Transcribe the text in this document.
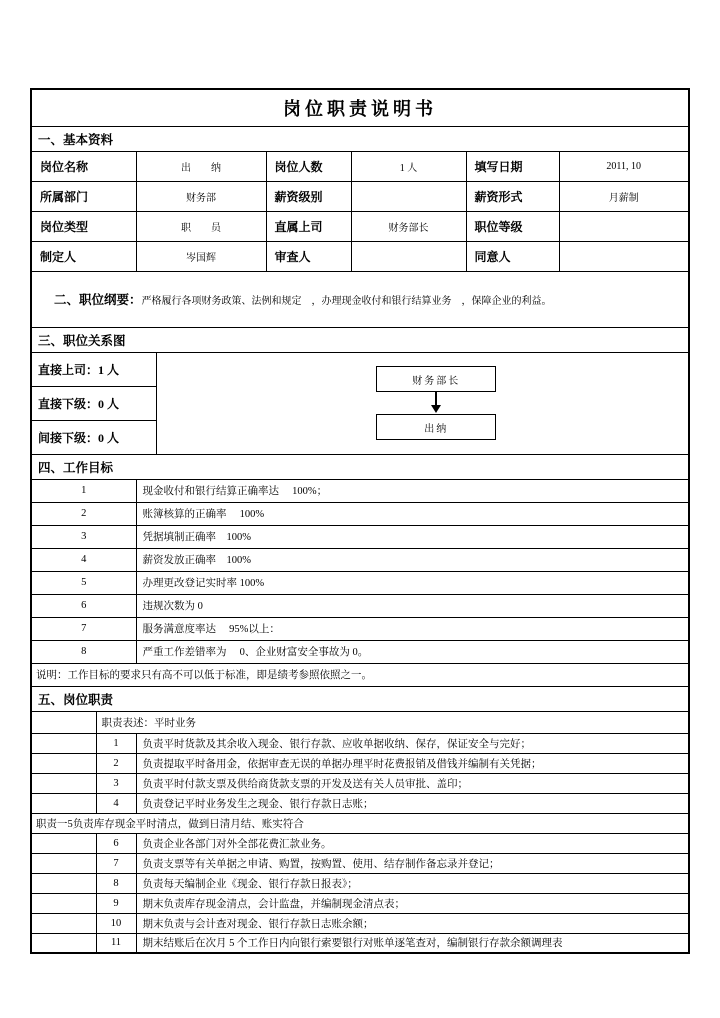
岗位职责说明书							
一、基本资料							
岗位名称		出　　纳		岗位人数	1 人	填写日期	2011, 10
所属部门		财务部		薪资级别		薪资形式	月薪制
岗位类型		职　　员		直属上司	财务部长	职位等级	
制定人		岑国辉		审查人		同意人	

二、职位纲要：严格履行各项财务政策、法例和规定　，办理现金收付和银行结算业务　，保障企业的利益。							

三、职位关系图							
直接上司：1 人			财务部长
出纳				

直接下级：0 人							
间接下级：0 人							
四、工作目标							
1		现金收付和银行结算正确率达　 100%；					
2		账簿核算的正确率　 100%					
3		凭据填制正确率　100%					
4		薪资发放正确率　100%					
5		办理更改登记实时率 100%					
6		违规次数为 0					
7		服务满意度率达　 95%以上：					
8		严重工作差错率为　 0、企业财富安全事故为 0。					
说明：工作目标的要求只有高不可以低于标准，即是绩考参照依照之一。							
五、岗位职责							
	职责表述：平时业务						
	1	负责平时货款及其余收入现金、银行存款、应收单据收纳、保存，保证安全与完好；					
	2	负责提取平时备用金，依据审查无误的单据办理平时花费报销及借钱并编制有关凭据；					
	3	负责平时付款支票及供给商货款支票的开发及送有关人员审批、盖印；					
	4	负责登记平时业务发生之现金、银行存款日志账；					
职责一5负责库存现金平时清点，做到日清月结、账实符合							
	6	负责企业各部门对外全部花费汇款业务。					
	7	负责支票等有关单据之申请、购置，按购置、使用、结存制作备忘录并登记；					
	8	负责每天编制企业《现金、银行存款日报表》；					
	9	期末负责库存现金清点，会计监盘，并编制现金清点表；					
	10	期末负责与会计查对现金、银行存款日志账余额；					
	11	期末结账后在次月 5 个工作日内向银行索要银行对账单逐笔查对，编制银行存款余额调理表					
